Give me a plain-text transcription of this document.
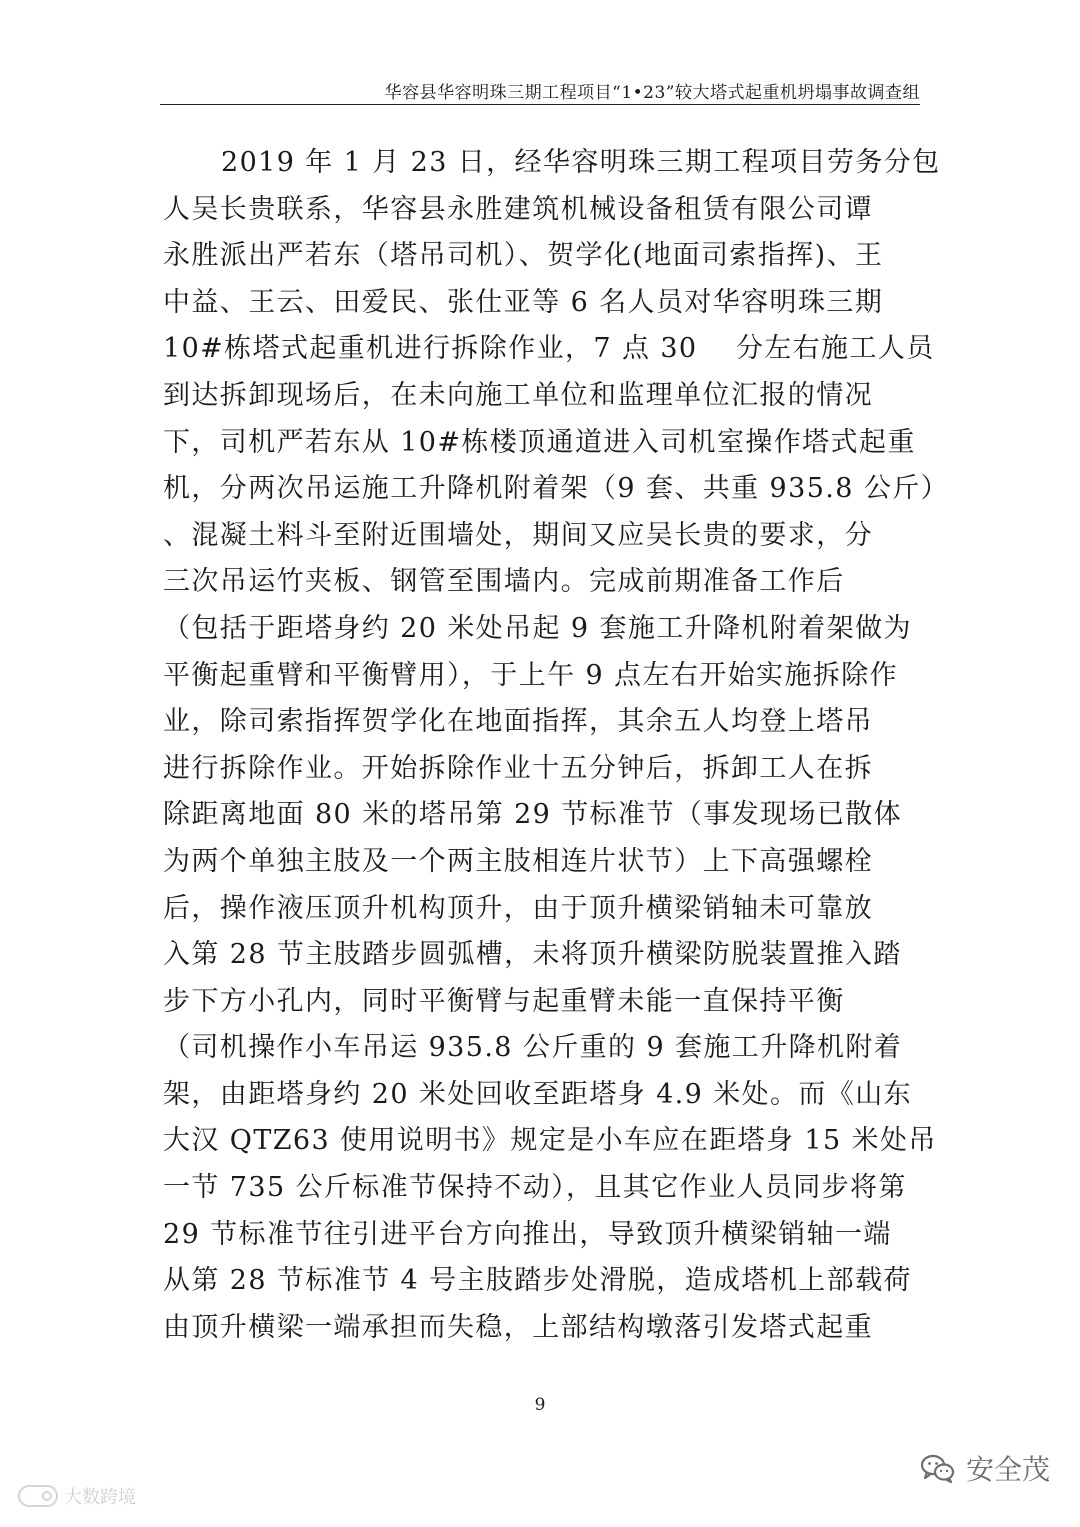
华容县华容明珠三期工程项目“1•23”较大塔式起重机坍塌事故调查组
2019 年 1 月 23 日，经华容明珠三期工程项目劳务分包
人吴长贵联系，华容县永胜建筑机械设备租赁有限公司谭
永胜派出严若东（塔吊司机）、贺学化(地面司索指挥)、王
中益、王云、田爱民、张仕亚等 6 名人员对华容明珠三期
10#栋塔式起重机进行拆除作业，7 点 30　 分左右施工人员
到达拆卸现场后，在未向施工单位和监理单位汇报的情况
下，司机严若东从 10#栋楼顶通道进入司机室操作塔式起重
机，分两次吊运施工升降机附着架（9 套、共重 935.8 公斤）
、混凝土料斗至附近围墙处，期间又应吴长贵的要求，分
三次吊运竹夹板、钢管至围墙内。完成前期准备工作后
（包括于距塔身约 20 米处吊起 9 套施工升降机附着架做为
平衡起重臂和平衡臂用），于上午 9 点左右开始实施拆除作
业，除司索指挥贺学化在地面指挥，其余五人均登上塔吊
进行拆除作业。开始拆除作业十五分钟后，拆卸工人在拆
除距离地面 80 米的塔吊第 29 节标准节（事发现场已散体
为两个单独主肢及一个两主肢相连片状节）上下高强螺栓
后，操作液压顶升机构顶升，由于顶升横梁销轴未可靠放
入第 28 节主肢踏步圆弧槽，未将顶升横梁防脱装置推入踏
步下方小孔内，同时平衡臂与起重臂未能一直保持平衡
（司机操作小车吊运 935.8 公斤重的 9 套施工升降机附着
架，由距塔身约 20 米处回收至距塔身 4.9 米处。而《山东
大汉 QTZ63 使用说明书》规定是小车应在距塔身 15 米处吊
一节 735 公斤标准节保持不动），且其它作业人员同步将第
29 节标准节往引进平台方向推出，导致顶升横梁销轴一端
从第 28 节标准节 4 号主肢踏步处滑脱，造成塔机上部载荷
由顶升横梁一端承担而失稳，上部结构墩落引发塔式起重
9
大数跨境
安全茂
